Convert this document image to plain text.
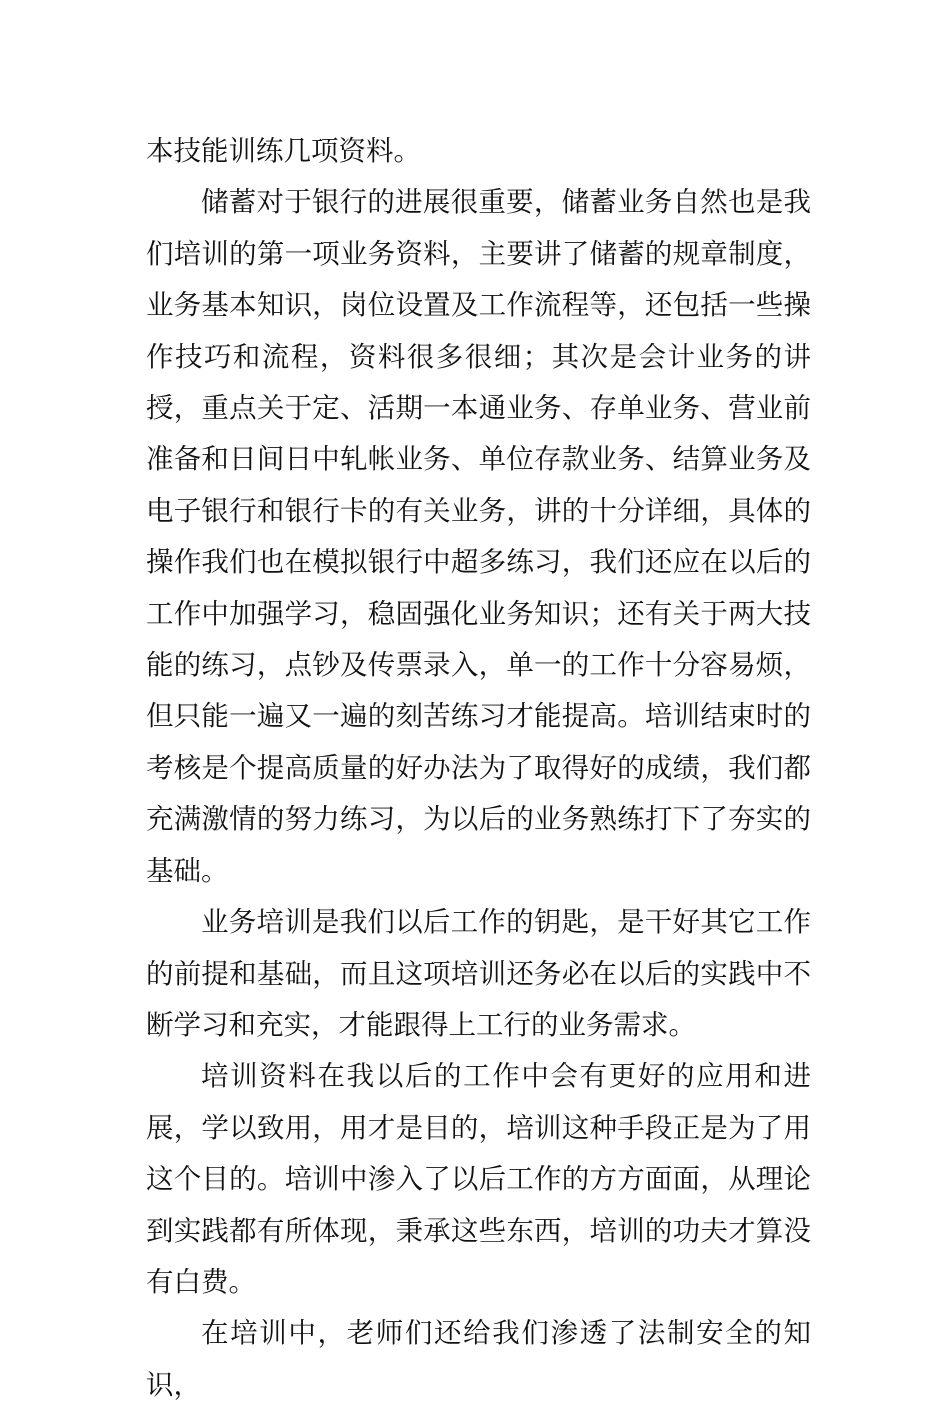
本技能训练几项资料。

储蓄对于银行的进展很重要，储蓄业务自然也是我们培训的第一项业务资料，主要讲了储蓄的规章制度，业务基本知识，岗位设置及工作流程等，还包括一些操作技巧和流程，资料很多很细；其次是会计业务的讲授，重点关于定、活期一本通业务、存单业务、营业前准备和日间日中轧帐业务、单位存款业务、结算业务及电子银行和银行卡的有关业务，讲的十分详细，具体的操作我们也在模拟银行中超多练习，我们还应在以后的工作中加强学习，稳固强化业务知识；还有关于两大技能的练习，点钞及传票录入，单一的工作十分容易烦，但只能一遍又一遍的刻苦练习才能提高。培训结束时的考核是个提高质量的好办法为了取得好的成绩，我们都充满激情的努力练习，为以后的业务熟练打下了夯实的基础。

业务培训是我们以后工作的钥匙，是干好其它工作的前提和基础，而且这项培训还务必在以后的实践中不断学习和充实，才能跟得上工行的业务需求。

培训资料在我以后的工作中会有更好的应用和进展，学以致用，用才是目的，培训这种手段正是为了用这个目的。培训中渗入了以后工作的方方面面，从理论到实践都有所体现，秉承这些东西，培训的功夫才算没有白费。

在培训中，老师们还给我们渗透了法制安全的知识，
